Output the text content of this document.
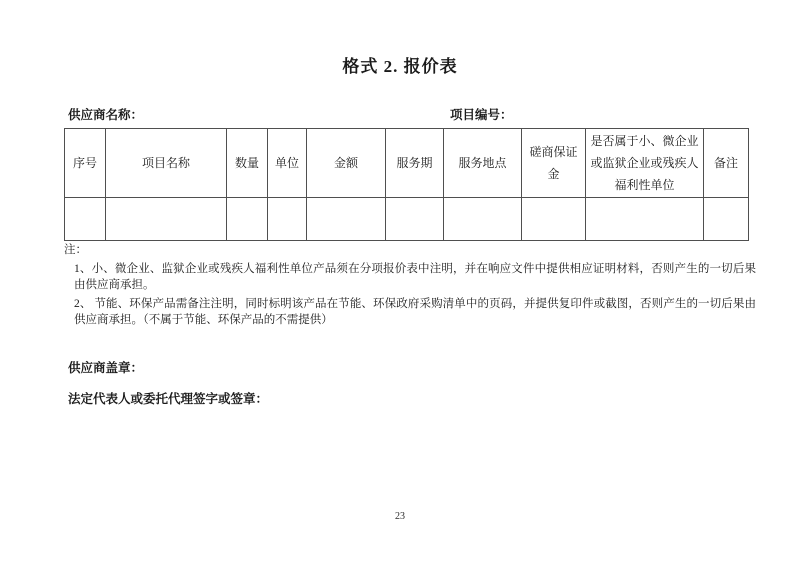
格式 2. 报价表
供应商名称：	项目编号：
序号	项目名称	数量	单位	金额	服务期	服务地点	磋商保证金	是否属于小、微企业或监狱企业或残疾人福利性单位	备注

注：

1、小、微企业、监狱企业或残疾人福利性单位产品须在分项报价表中注明，并在响应文件中提供相应证明材料，否则产生的一切后果由供应商承担。

2、 节能、环保产品需备注注明，同时标明该产品在节能、环保政府采购清单中的页码，并提供复印件或截图，否则产生的一切后果由供应商承担。（不属于节能、环保产品的不需提供）

供应商盖章：
法定代表人或委托代理签字或签章：
23
